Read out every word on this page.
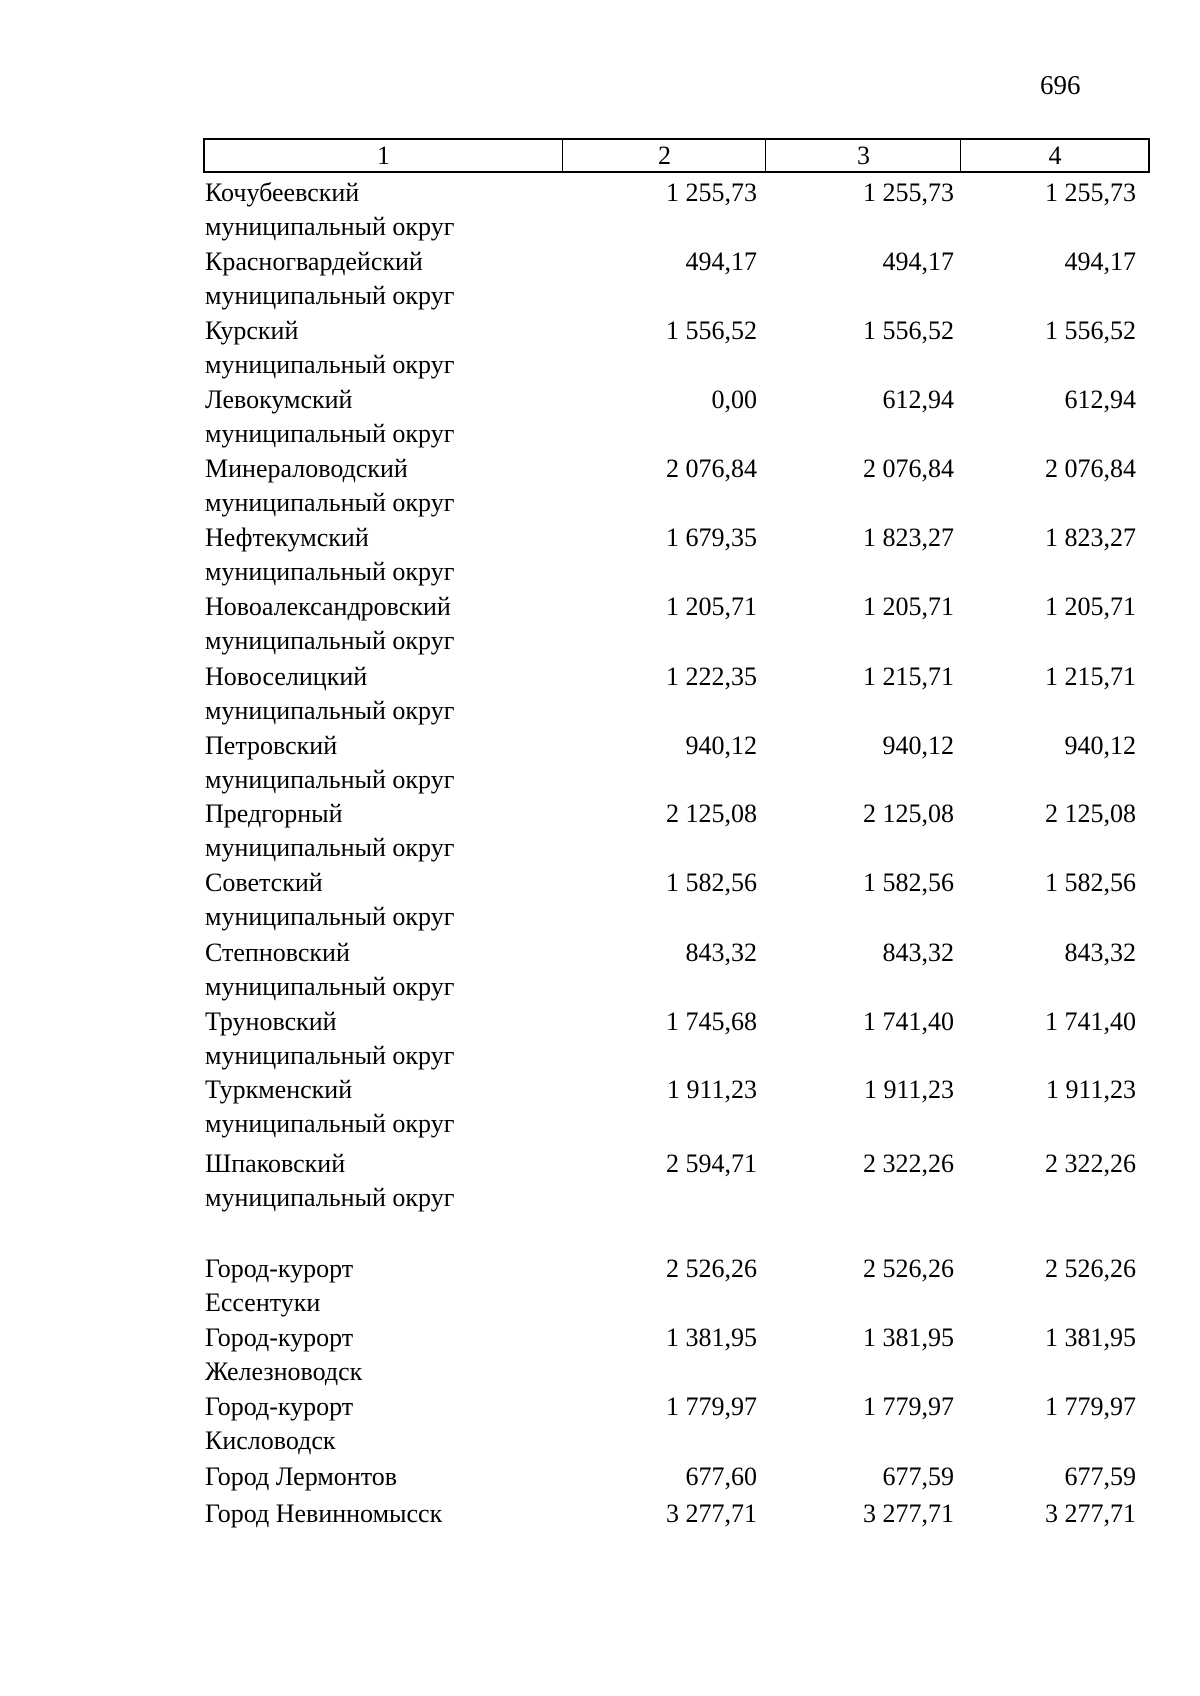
696
1	2	3	4
Кочубеевский
муниципальный округ
1 255,73	1 255,73	1 255,73
Красногвардейский
муниципальный округ
494,17	494,17	494,17
Курский
муниципальный округ
1 556,52	1 556,52	1 556,52
Левокумский
муниципальный округ
0,00	612,94	612,94
Минераловодский
муниципальный округ
2 076,84	2 076,84	2 076,84
Нефтекумский
муниципальный округ
1 679,35	1 823,27	1 823,27
Новоалександровский
муниципальный округ
1 205,71	1 205,71	1 205,71
Новоселицкий
муниципальный округ
1 222,35	1 215,71	1 215,71
Петровский
муниципальный округ
940,12	940,12	940,12
Предгорный
муниципальный округ
2 125,08	2 125,08	2 125,08
Советский
муниципальный округ
1 582,56	1 582,56	1 582,56
Степновский
муниципальный округ
843,32	843,32	843,32
Труновский
муниципальный округ
1 745,68	1 741,40	1 741,40
Туркменский
муниципальный округ
1 911,23	1 911,23	1 911,23
Шпаковский
муниципальный округ
2 594,71	2 322,26	2 322,26
Город-курорт
Ессентуки
2 526,26	2 526,26	2 526,26
Город-курорт
Железноводск
1 381,95	1 381,95	1 381,95
Город-курорт
Кисловодск
1 779,97	1 779,97	1 779,97
Город Лермонтов	677,60	677,59	677,59
Город Невинномысск	3 277,71	3 277,71	3 277,71
